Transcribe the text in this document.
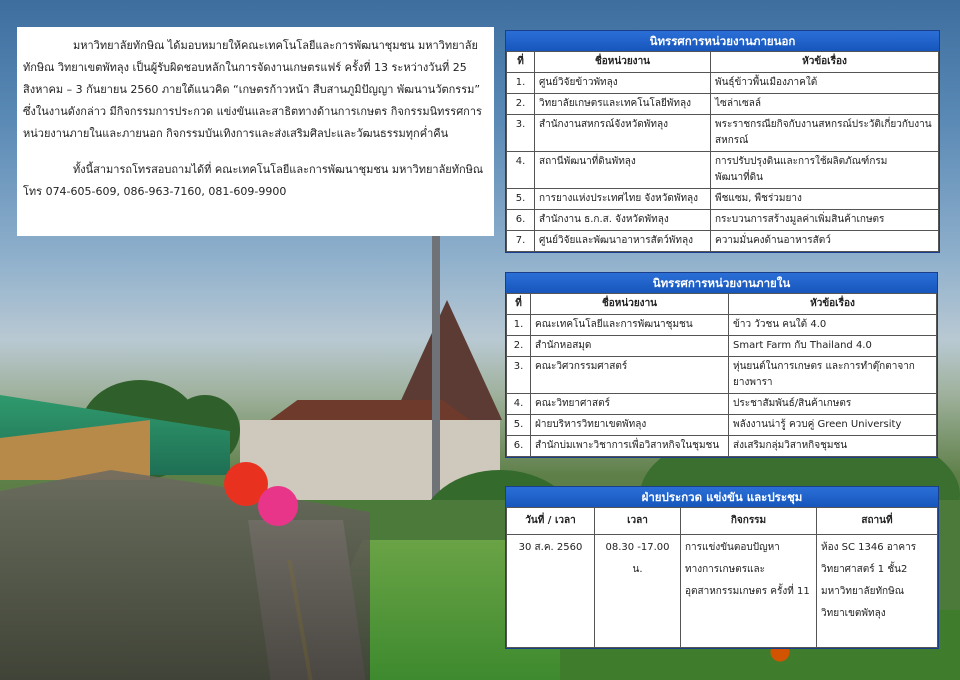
มหาวิทยาลัยทักษิณ ได้มอบหมายให้คณะเทคโนโลยีและการพัฒนาชุมชน มหาวิทยาลัยทักษิณ วิทยาเขตพัทลุง เป็นผู้รับผิดชอบหลักในการจัดงานเกษตรแฟร์ ครั้งที่ 13 ระหว่างวันที่ 25 สิงหาคม – 3 กันยายน 2560 ภายใต้แนวคิด “เกษตรก้าวหน้า สืบสานภูมิปัญญา พัฒนานวัตกรรม” ซึ่งในงานดังกล่าว มีกิจกรรมการประกวด แข่งขันและสาธิตทางด้านการเกษตร กิจกรรมนิทรรศการหน่วยงานภายในและภายนอก กิจกรรมบันเทิงการและส่งเสริมศิลปะและวัฒนธรรมทุกค่ำคืน

ทั้งนี้สามารถโทรสอบถามได้ที่ คณะเทคโนโลยีและการพัฒนาชุมชน มหาวิทยาลัยทักษิณ โทร 074-605-609, 086-963-7160, 081-609-9900

นิทรรศการหน่วยงานภายนอก
ที่	ชื่อหน่วยงาน	หัวข้อเรื่อง
1.	ศูนย์วิจัยข้าวพัทลุง	พันธุ์ข้าวพื้นเมืองภาคใต้
2.	วิทยาลัยเกษตรและเทคโนโลยีพัทลุง	ไซล่าเซลล์
3.	สำนักงานสหกรณ์จังหวัดพัทลุง	พระราชกรณียกิจกับงานสหกรณ์ประวัติเกี่ยวกับงานสหกรณ์
4.	สถานีพัฒนาที่ดินพัทลุง	การปรับปรุงดินและการใช้ผลิตภัณฑ์กรมพัฒนาที่ดิน
5.	การยางแห่งประเทศไทย จังหวัดพัทลุง	พืชแซม, พืชร่วมยาง
6.	สำนักงาน ธ.ก.ส. จังหวัดพัทลุง	กระบวนการสร้างมูลค่าเพิ่มสินค้าเกษตร
7.	ศูนย์วิจัยและพัฒนาอาหารสัตว์พัทลุง	ความมั่นคงด้านอาหารสัตว์
นิทรรศการหน่วยงานภายใน
ที่	ชื่อหน่วยงาน	หัวข้อเรื่อง
1.	คณะเทคโนโลยีและการพัฒนาชุมชน	ข้าว วัวชน คนใต้ 4.0
2.	สำนักหอสมุด	Smart Farm กับ Thailand 4.0
3.	คณะวิศวกรรมศาสตร์	หุ่นยนต์ในการเกษตร และการทำตุ๊กตาจากยางพารา
4.	คณะวิทยาศาสตร์	ประชาสัมพันธ์/สินค้าเกษตร
5.	ฝ่ายบริหารวิทยาเขตพัทลุง	พลังงานน่ารู้ ควบคู่ Green University
6.	สำนักบ่มเพาะวิชาการเพื่อวิสาหกิจในชุมชน	ส่งเสริมกลุ่มวิสาหกิจชุมชน
ฝ่ายประกวด แข่งขัน และประชุม
วันที่ / เวลา	เวลา	กิจกรรม	สถานที่
30 ส.ค. 2560	08.30 -17.00 น.	การแข่งขันตอบปัญหาทางการเกษตรและอุตสาหกรรมเกษตร ครั้งที่ 11	ห้อง SC 1346 อาคารวิทยาศาสตร์ 1 ชั้น2 มหาวิทยาลัยทักษิณ วิทยาเขตพัทลุง
